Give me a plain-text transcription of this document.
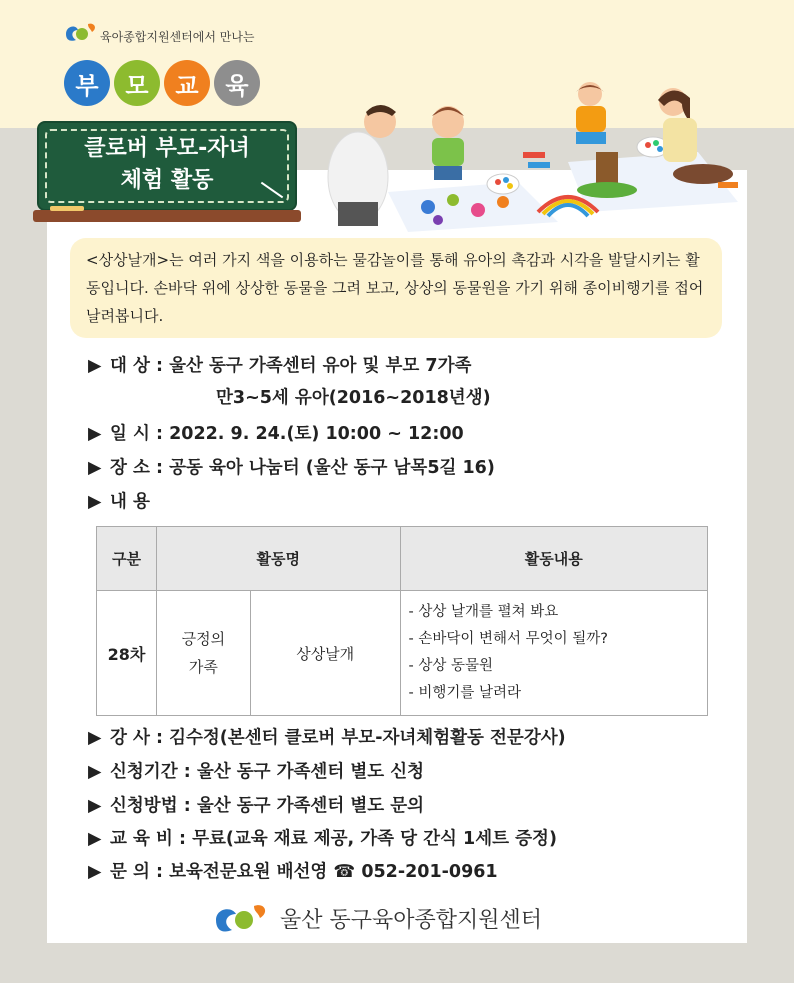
육아종합지원센터에서 만나는
부	모	교	육
클로버 부모-자녀
체험 활동
<상상날개>는 여러 가지 색을 이용하는 물감놀이를 통해 유아의 촉감과 시각을 발달시키는 활동입니다. 손바닥 위에 상상한 동물을 그려 보고, 상상의 동물원을 가기 위해 종이비행기를 접어 날려봅니다.
▶ 대 상 : 울산 동구 가족센터 유아 및 부모 7가족
만3~5세 유아(2016~2018년생)
▶ 일 시 : 2022. 9. 24.(토) 10:00 ~ 12:00
▶ 장 소 : 공동 육아 나눔터 (울산 동구 남목5길 16)
▶ 내 용
구분	활동명		활동내용
28차	긍정의 가족	상상날개	- 상상 날개를 펼쳐 봐요
- 손바닥이 변해서 무엇이 될까?
- 상상 동물원
- 비행기를 날려라
▶ 강 사 : 김수정(본센터 클로버 부모-자녀체험활동 전문강사)
▶ 신청기간 : 울산 동구 가족센터 별도 신청
▶ 신청방법 : 울산 동구 가족센터 별도 문의
▶ 교 육 비 : 무료(교육 재료 제공, 가족 당 간식 1세트 증정)
▶ 문 의 : 보육전문요원 배선영 ☎ 052-201-0961
울산 동구육아종합지원센터
